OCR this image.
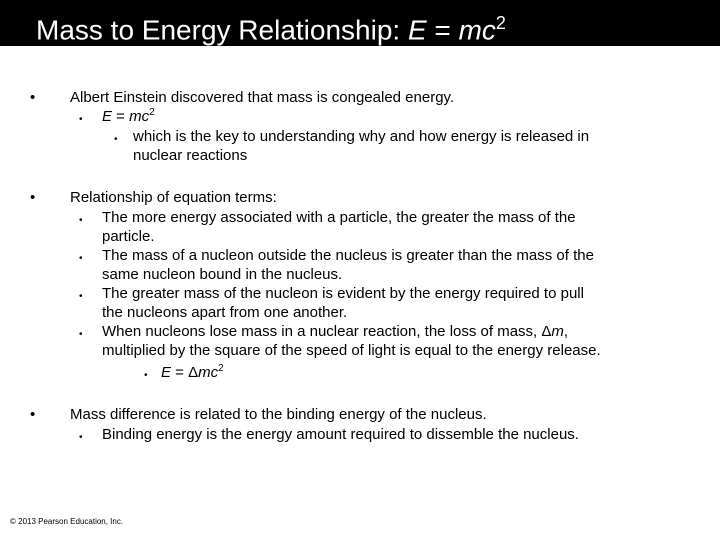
Mass to Energy Relationship: $E = mc^2$
• Albert Einstein discovered that mass is congealed energy.
• $E = mc^2$
• which is the key to understanding why and how energy is released in
nuclear reactions
• Relationship of equation terms:
• The more energy associated with a particle, the greater the mass of the
particle.
• The mass of a nucleon outside the nucleus is greater than the mass of the
same nucleon bound in the nucleus.
• The greater mass of the nucleon is evident by the energy required to pull
the nucleons apart from one another.
• When nucleons lose mass in a nuclear reaction, the loss of mass, Δm,
multiplied by the square of the speed of light is equal to the energy release.
• E = Δmc$^2$
• Mass difference is related to the binding energy of the nucleus.
• Binding energy is the energy amount required to dissemble the nucleus.
© 2013 Pearson Education, Inc.
